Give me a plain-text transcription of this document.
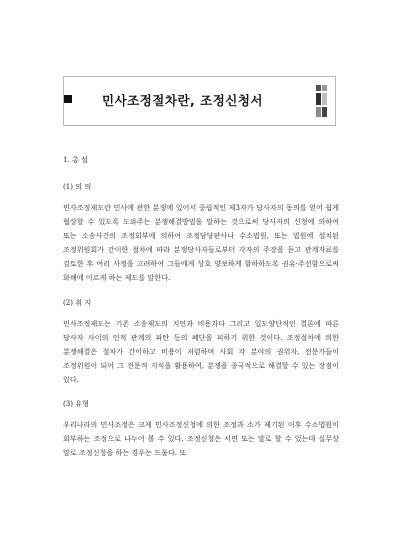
민사조정절차란, 조정신청서

1. 총 설

(1) 의 의

민사조정제도란 민사에 관한 분쟁에 있어서 중립적인 제3자가 당사자의 동의를 얻어 쉽게 협상할 수 있도록 도와주는 분쟁해결방법을 말하는 것으로써 당사자의 신청에 의하여 또는 소송사건의 조정회부에 의하여 조정담당판사나 수소법원, 또는 법원에 설치된 조정위원회가 간이한 절차에 따라 분쟁당사자들로부터 각자의 주장을 듣고 관계자료를 검토한 후 여러 사정을 고려하여 그들에게 상호 양보하게 함하하도록 권유·주선함으로써 화해에 이르게 하는 제도를 말한다.

(2) 취 지

민사조정제도는 기존 소송제도의 지연과 비용과다 그리고 일도양단적인 결론에 따른 당사자 사이의 인적 관계의 파탄 등의 폐단을 피하기 위한 것이다. 조정절차에 의한 분쟁해결은 절차가 간이하고 비용이 저렴하며 사회 각 분야의 권위자, 전문가들이 조정위원이 되어 그 전문적 지식을 활용하여, 분쟁을 종국적으로 해결할 수 있는 장점이 있다.

(3) 유형

우리나라의 민사조정은 크게 민사조정신청에 의한 조정과 소가 제기된 이후 수소법원이 회부하는 조정으로 나누어 볼 수 있다. 조정신청은 서면 또는 말로 할 수 있는데 실무상 말로 조정신청을 하는 경우는 드물다. 또
